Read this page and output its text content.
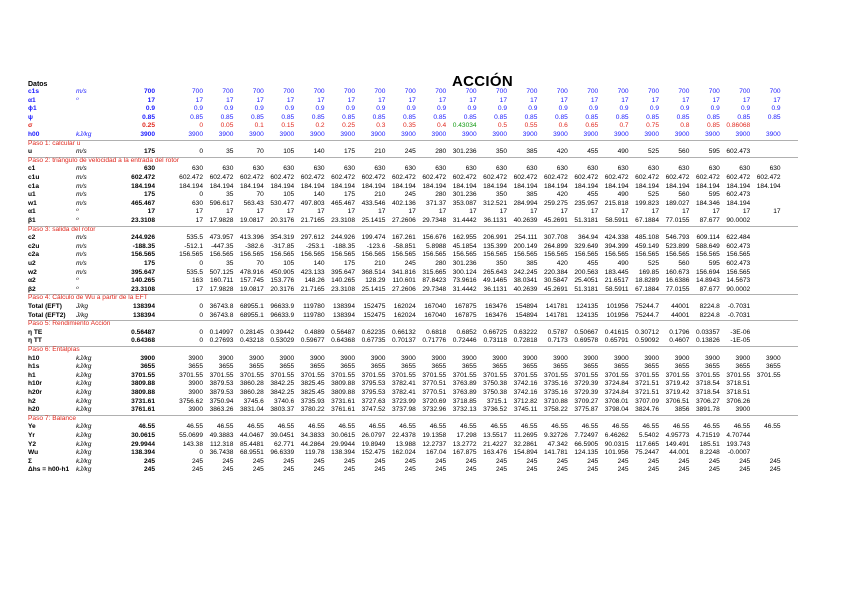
ACCIÓN
Datos
c1s	m/s	700	700	700	700	700	700	700	700	700	700	700	700	700	700	700	700	700	700	700	700	700
α1	º	17	17	17	17	17	17	17	17	17	17	17	17	17	17	17	17	17	17	17	17	17
ϕ1	0.9	0.9	0.9	0.9	0.9	0.9	0.9	0.9	0.9	0.9	0.9	0.9	0.9	0.9	0.9	0.9	0.9	0.9	0.9	0.9	0.9
ψ	0.85	0.85	0.85	0.85	0.85	0.85	0.85	0.85	0.85	0.85	0.85	0.85	0.85	0.85	0.85	0.85	0.85	0.85	0.85	0.85	0.85
σ	0.25	0	0.05	0.1	0.15	0.2	0.25	0.3	0.35	0.4 0.43034	0.5	0.55	0.6	0.65	0.7	0.75	0.8	0.85 0.86068
h00	kJ/kg	3900	3900 3900 3900 3900 3900 3900 3900 3900 3900 3900 3900 3900 3900 3900 3900 3900 3900 3900 3900 3900
Paso 1: calcular u
u	m/s	175	0	35	70	105	140	175	210	245	280 301.236	350	385	420	455	490	525	560	595 602.473
Paso 2: triángulo de velocidad a la entrada del rotor
c1	m/s	630	630	630	630	630	630	630	630	630	630	630	630	630	630	630	630	630	630	630	630	630
c1u	m/s	602.472	602.472 602.472 602.472 602.472 602.472 602.472 602.472 602.472 602.472 602.472 602.472 602.472 602.472 602.472 602.472 602.472 602.472 602.472 602.472 602.472
c1a	m/s	184.194	184.194 184.194 184.194 184.194 184.194 184.194 184.194 184.194 184.194 184.194 184.194 184.194 184.194 184.194 184.194 184.194 184.194 184.194 184.194 184.194
u1	m/s	175	0	35	70	105	140	175	210	245	280 301.236	350	385	420	455	490	525	560	595 602.473
w1	m/s	465.467	630 596.617 563.43 530.477 497.803 465.467 433.546 402.136 371.37 353.087 312.521 284.994 259.275 235.957 215.818 199.823 189.027 184.346 184.194
α1	º	17	17	17	17	17	17	17	17	17	17	17	17	17	17	17	17	17	17	17	17	17
β1	º	23.3108	17 17.9828 19.0817 20.3176 21.7165 23.3108 25.1415 27.2606 29.7348 31.4442 36.1131 40.2639 45.2691 51.3181 58.5911 67.1884 77.0155 87.677 90.0002
Paso 3: salida del rotor
c2	m/s	244.926	535.5 473.957 413.396 354.319 297.612 244.926 199.474 167.261 156.676 162.955 206.991 254.111 307.708 364.94 424.338 485.108 546.793 609.114 622.484
c2u	m/s	-188.35	-512.1 -447.35 -382.6 -317.85 -253.1 -188.35 -123.6 -58.851 5.8988 45.1854 135.399 200.149 264.899 329.649 394.399 459.149 523.899 588.649 602.473
c2a	m/s	156.565	156.565 156.565 156.565 156.565 156.565 156.565 156.565 156.565 156.565 156.565 156.565 156.565 156.565 156.565 156.565 156.565 156.565 156.565 156.565
u2	m/s	175	0	35	70	105	140	175	210	245	280 301.236	350	385	420	455	490	525	560	595 602.473
w2	m/s	395.647	535.5 507.125 478.916 450.905 423.133 395.647 368.514 341.816 315.665 300.124 265.643 242.245 220.384 200.563 183.445 169.85 160.673 156.694 156.565
α2	º	140.265	163 160.711 157.745 153.776 148.26 140.265 128.29 110.601 87.8423 73.9616 49.1465 38.0341 30.5847 25.4051 21.6517 18.8289 16.6386 14.8943 14.5673
β2	º	23.3108	17 17.9828 19.0817 20.3176 21.7165 23.3108 25.1415 27.2606 29.7348 31.4442 36.1131 40.2639 45.2691 51.3181 58.5911 67.1884 77.0155 87.677 90.0002
Paso 4: Cálculo de Wu a partir de la EFT
Total (EFT) J/kg	138394	0 36743.8 68955.1 96633.9 119780 138394 152475 162024 167040 167875 163476 154894 141781 124135 101956 75244.7 44001 8224.8 -0.7031
Total (EFT2) J/kg	138394	0 36743.8 68955.1 96633.9 119780 138394 152475 162024 167040 167875 163476 154894 141781 124135 101956 75244.7 44001 8224.8 -0.7031
Paso 5: Rendimiento Acción
η TE	0.56487	0 0.14997 0.28145 0.39442 0.4889 0.56487 0.62235 0.66132 0.6818 0.6852 0.66725 0.63222 0.5787 0.50667 0.41615 0.30712 0.1796 0.03357 -3E-06
η TT	0.64368	0 0.27693 0.43218 0.53029 0.59677 0.64368 0.67735 0.70137 0.71776 0.72446 0.73118 0.72818 0.7173 0.69578 0.65791 0.59092 0.4607 0.13826 -1E-05
Paso 6: Entalpías
h10	kJ/kg	3900	3900 3900 3900 3900 3900 3900 3900 3900 3900 3900 3900 3900 3900 3900 3900 3900 3900 3900 3900 3900
h1s	kJ/kg	3655	3655 3655 3655 3655 3655 3655 3655 3655 3655 3655 3655 3655 3655 3655 3655 3655 3655 3655 3655 3655
h1	kJ/kg	3701.55	3701.55 3701.55 3701.55 3701.55 3701.55 3701.55 3701.55 3701.55 3701.55 3701.55 3701.55 3701.55 3701.55 3701.55 3701.55 3701.55 3701.55 3701.55 3701.55 3701.55
h10r	kJ/kg	3809.88	3900 3879.53 3860.28 3842.25 3825.45 3809.88 3795.53 3782.41 3770.51 3763.89 3750.38 3742.16 3735.16 3729.39 3724.84 3721.51 3719.42 3718.54 3718.51
h20r	kJ/kg	3809.88	3900 3879.53 3860.28 3842.25 3825.45 3809.88 3795.53 3782.41 3770.51 3763.89 3750.38 3742.16 3735.16 3729.39 3724.84 3721.51 3719.42 3718.54 3718.51
h2	kJ/kg	3731.61	3756.62 3750.94 3745.6 3740.6 3735.93 3731.61 3727.63 3723.99 3720.69 3718.85 3715.1 3712.82 3710.88 3709.27 3708.01 3707.09 3706.51 3706.27 3706.26
h20	kJ/kg	3761.61	3900 3863.26 3831.04 3803.37 3780.22 3761.61 3747.52 3737.98 3732.96 3732.13 3736.52 3745.11 3758.22 3775.87 3798.04 3824.76 3856 3891.78 3900
Paso 7: Balance
Ye	kJ/kg	46.55	46.55 46.55 46.55 46.55 46.55 46.55 46.55 46.55 46.55 46.55 46.55 46.55 46.55 46.55 46.55 46.55 46.55 46.55 46.55 46.55
Yr	kJ/kg	30.0615	55.0699 49.3883 44.0467 39.0451 34.3833 30.0615 26.0797 22.4378 19.1358 17.298 13.5517 11.2695 9.32726 7.72497 6.46262 5.5402 4.95773 4.71519 4.70744
Y2	kJ/kg	29.9944	143.38 112.318 85.4481 62.771 44.2864 29.9944 19.8949 13.988 12.2737 13.2772 21.4227 32.2861 47.342 66.5905 90.0315 117.665 149.491 185.51 193.743
Wu	kJ/kg	138.394	0 36.7438 68.9551 96.6339 119.78 138.394 152.475 162.024 167.04 167.875 163.476 154.894 141.781 124.135 101.956 75.2447 44.001 8.2248 -0.0007
Σ	kJ/kg	245	245	245	245	245	245	245	245	245	245	245	245	245	245	245	245	245	245	245	245	245
Δhs = h00-h1 kJ/kg	245	245	245	245	245	245	245	245	245	245	245	245	245	245	245	245	245	245	245	245	245
